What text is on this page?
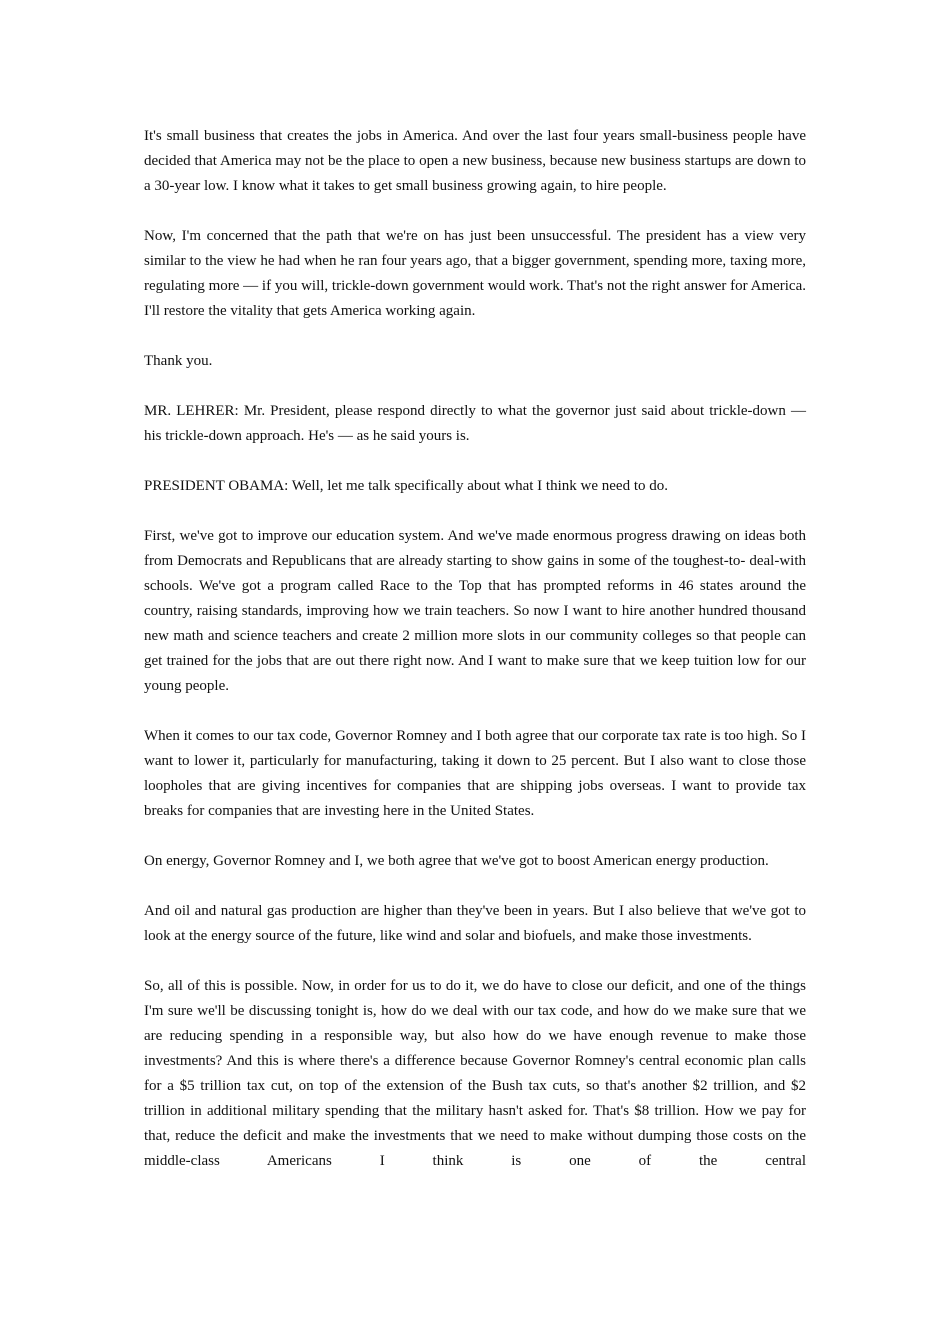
It's small business that creates the jobs in America. And over the last four years small-business people have decided that America may not be the place to open a new business, because new business startups are down to a 30-year low. I know what it takes to get small business growing again, to hire people.

Now, I'm concerned that the path that we're on has just been unsuccessful. The president has a view very similar to the view he had when he ran four years ago, that a bigger government, spending more, taxing more, regulating more — if you will, trickle-down government would work. That's not the right answer for America. I'll restore the vitality that gets America working again.

Thank you.

MR. LEHRER: Mr. President, please respond directly to what the governor just said about trickle-down — his trickle-down approach. He's — as he said yours is.

PRESIDENT OBAMA: Well, let me talk specifically about what I think we need to do.

First, we've got to improve our education system. And we've made enormous progress drawing on ideas both from Democrats and Republicans that are already starting to show gains in some of the toughest-to- deal-with schools. We've got a program called Race to the Top that has prompted reforms in 46 states around the country, raising standards, improving how we train teachers. So now I want to hire another hundred thousand new math and science teachers and create 2 million more slots in our community colleges so that people can get trained for the jobs that are out there right now. And I want to make sure that we keep tuition low for our young people.

When it comes to our tax code, Governor Romney and I both agree that our corporate tax rate is too high. So I want to lower it, particularly for manufacturing, taking it down to 25 percent. But I also want to close those loopholes that are giving incentives for companies that are shipping jobs overseas. I want to provide tax breaks for companies that are investing here in the United States.

On energy, Governor Romney and I, we both agree that we've got to boost American energy production.

And oil and natural gas production are higher than they've been in years. But I also believe that we've got to look at the energy source of the future, like wind and solar and biofuels, and make those investments.

So, all of this is possible. Now, in order for us to do it, we do have to close our deficit, and one of the things I'm sure we'll be discussing tonight is, how do we deal with our tax code, and how do we make sure that we are reducing spending in a responsible way, but also how do we have enough revenue to make those investments? And this is where there's a difference because Governor Romney's central economic plan calls for a $5 trillion tax cut, on top of the extension of the Bush tax cuts, so that's another $2 trillion, and $2 trillion in additional military spending that the military hasn't asked for. That's $8 trillion. How we pay for that, reduce the deficit and make the investments that we need to make without dumping those costs on the middle-class Americans I think is one of the central
